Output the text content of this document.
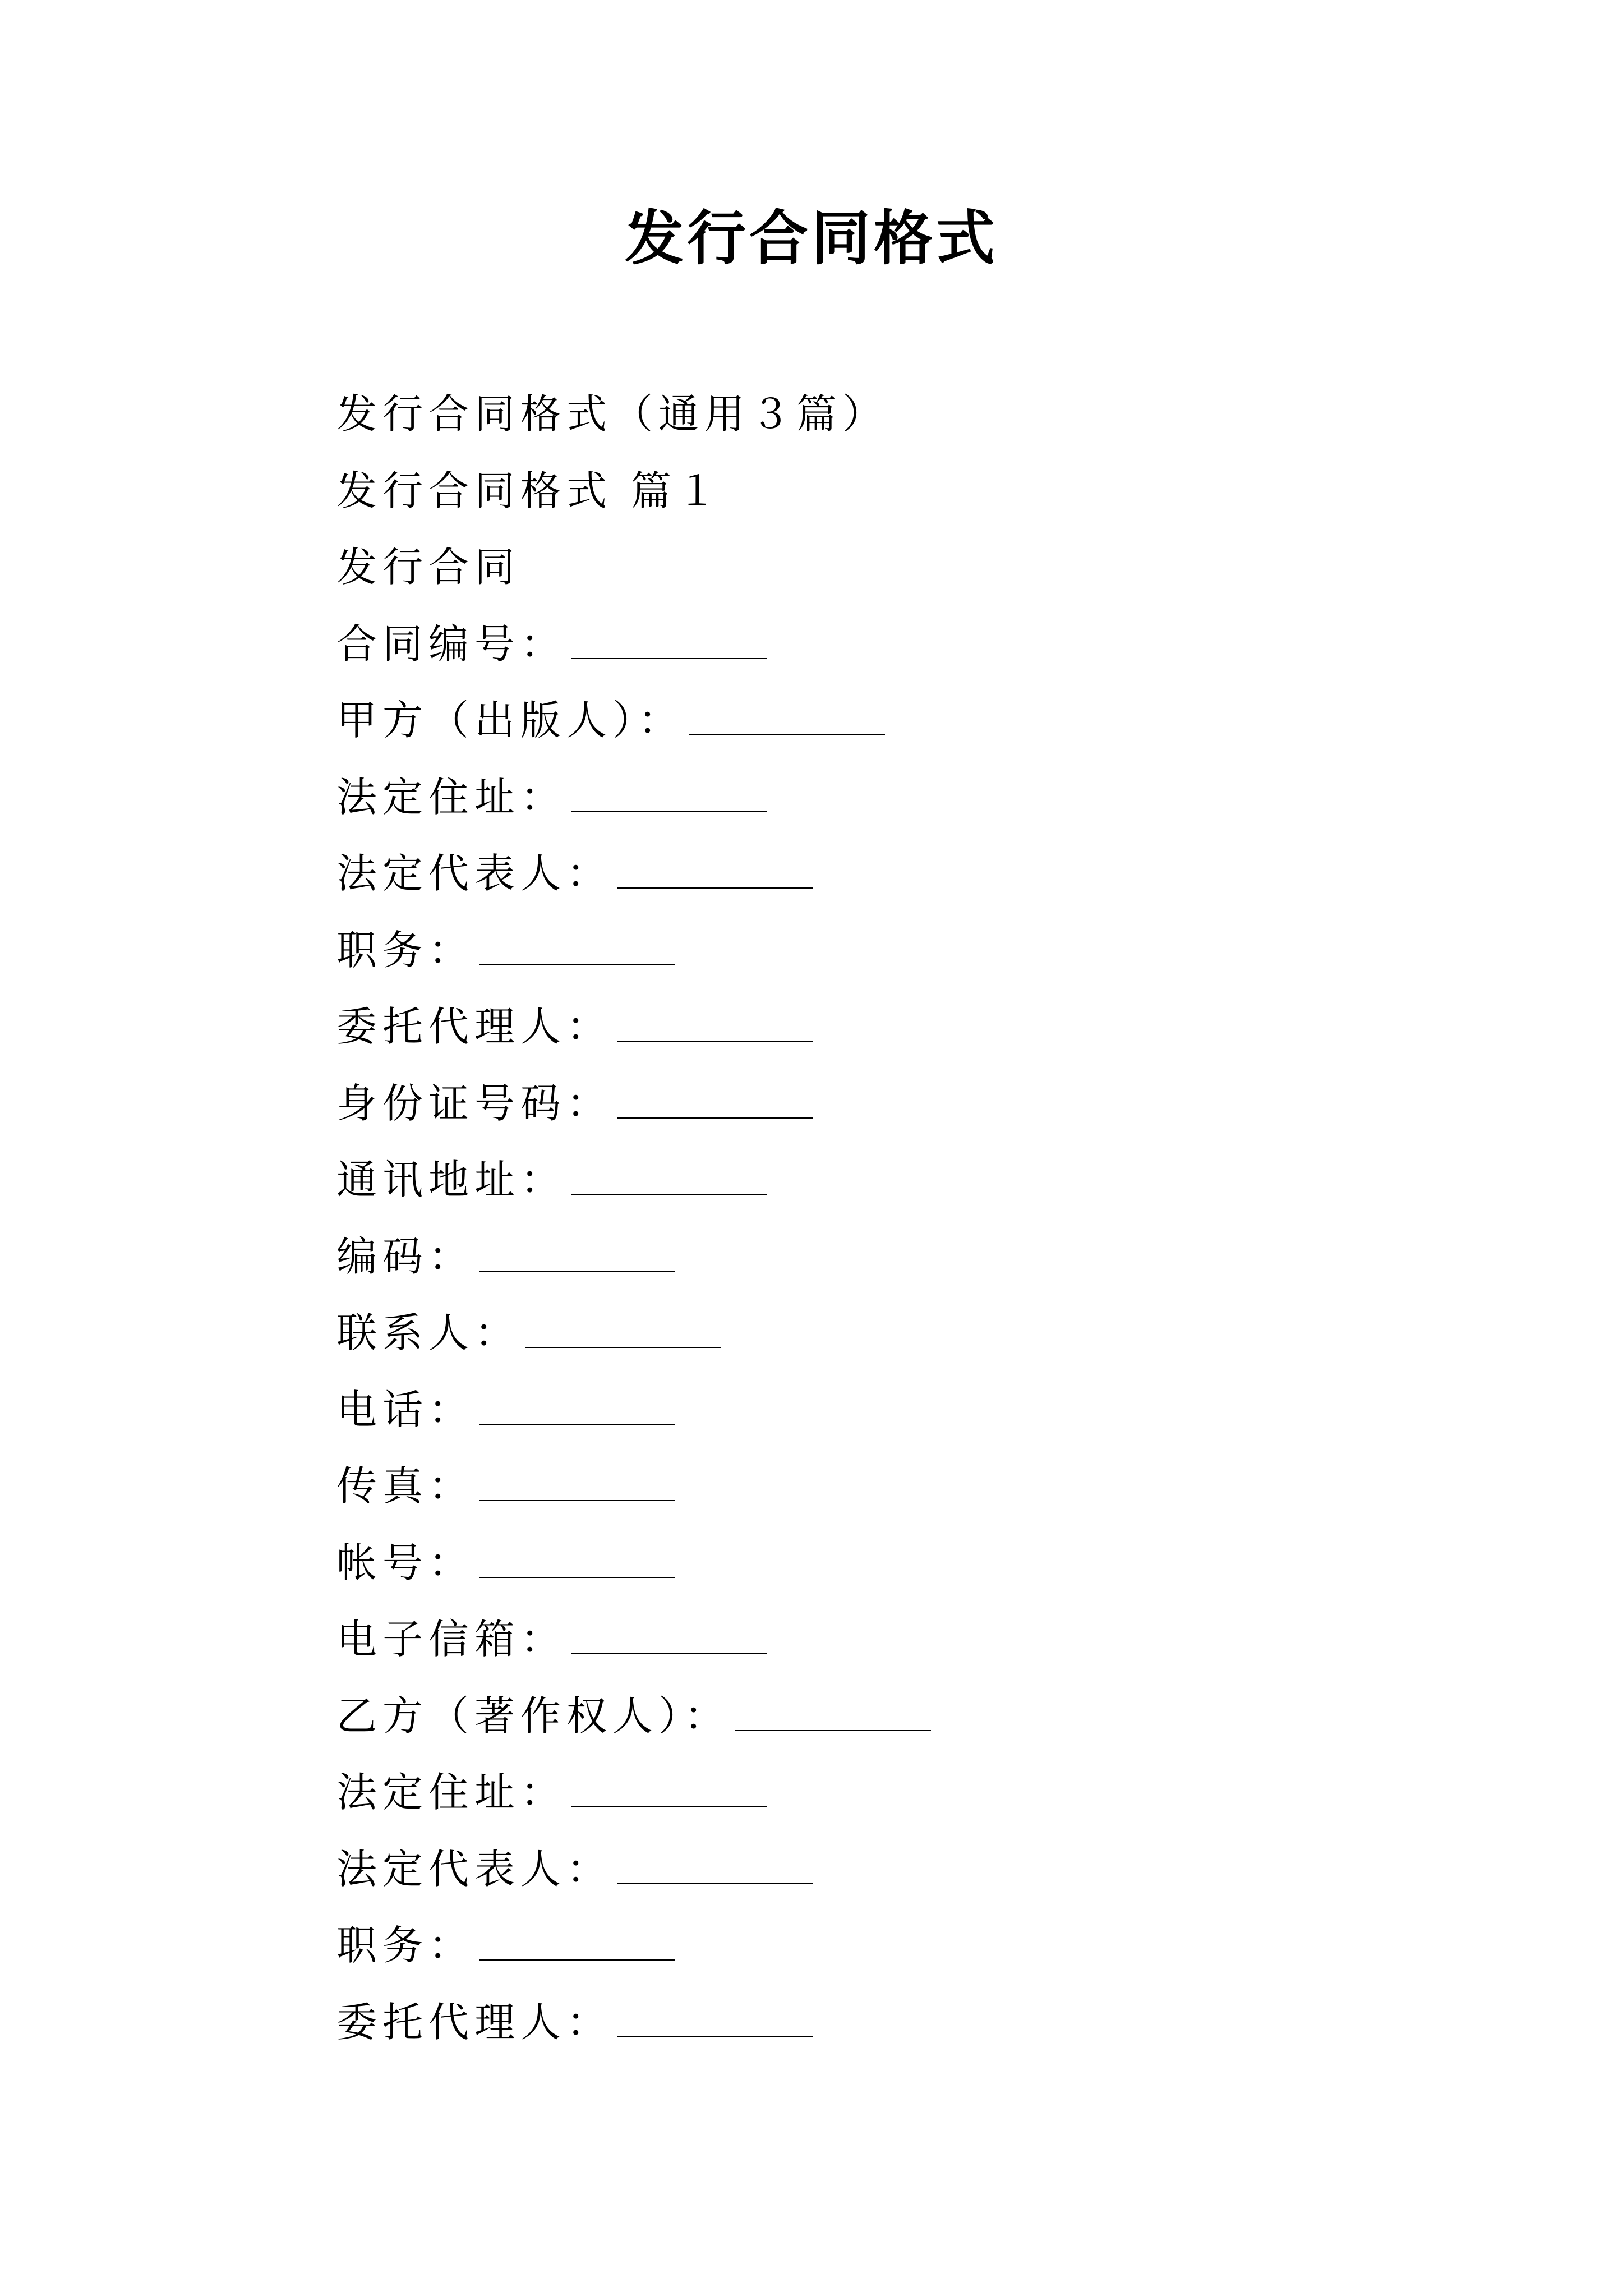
发行合同格式
发行合同格式（通用３篇）
发行合同格式 篇１
发行合同
合同编号：
甲方（出版人）：
法定住址：
法定代表人：
职务：
委托代理人：
身份证号码：
通讯地址：
编码：
联系人：
电话：
传真：
帐号：
电子信箱：
乙方（著作权人）：
法定住址：
法定代表人：
职务：
委托代理人：
